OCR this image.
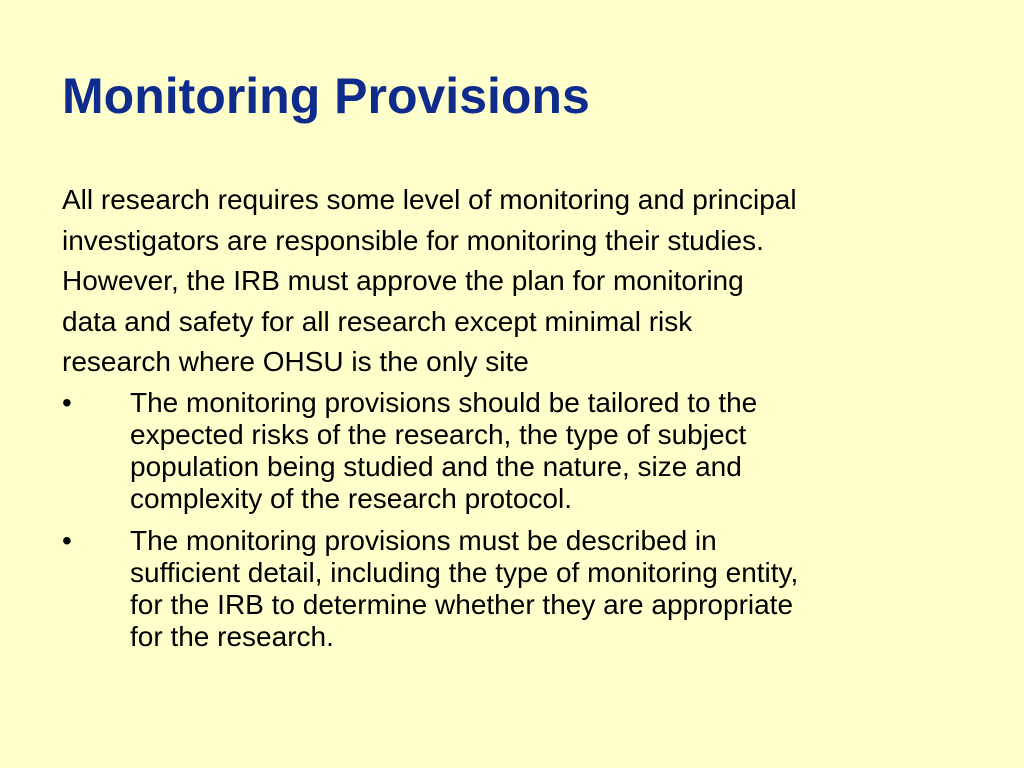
Monitoring Provisions

All research requires some level of monitoring and principal
investigators are responsible for monitoring their studies.
However, the IRB must approve the plan for monitoring
data and safety for all research except minimal risk
research where OHSU is the only site

• The monitoring provisions should be tailored to the
expected risks of the research, the type of subject
population being studied and the nature, size and
complexity of the research protocol.
• The monitoring provisions must be described in
sufficient detail, including the type of monitoring entity,
for the IRB to determine whether they are appropriate
for the research.
